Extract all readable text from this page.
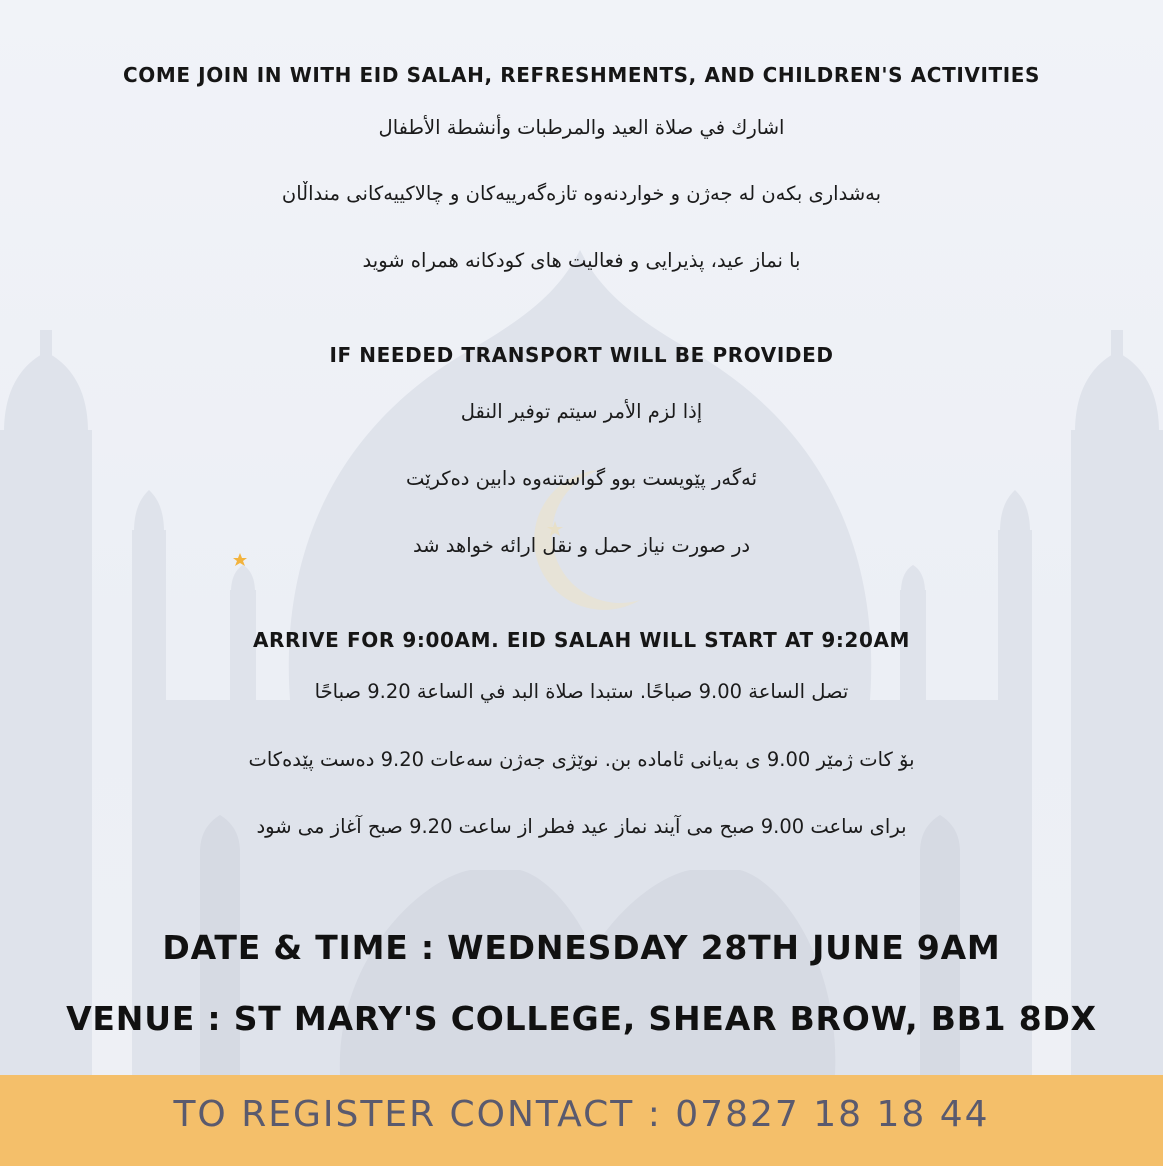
COME JOIN IN WITH EID SALAH, REFRESHMENTS, AND CHILDREN'S ACTIVITIES
اشارك في صلاة العيد والمرطبات وأنشطة الأطفال
بەشداری بکەن لە جەژن و خواردنەوە تازەگەرییەکان و چالاکییەکانی منداڵان
با نماز عید، پذیرایی و فعالیت های کودکانه همراه شوید
IF NEEDED TRANSPORT WILL BE PROVIDED
إذا لزم الأمر سيتم توفير النقل
ئەگەر پێویست بوو گواستنەوە دابین دەکرێت
در صورت نیاز حمل و نقل ارائه خواهد شد
ARRIVE FOR 9:00AM. EID SALAH WILL START AT 9:20AM
تصل الساعة 9.00 صباحًا. ستبدا صلاة البد في الساعة 9.20 صباحًا
بۆ کات ژمێر 9.00 ی بەیانی ئامادە بن. نوێژی جەژن سەعات 9.20 دەست پێدەکات
برای ساعت 9.00 صبح می آیند نماز عید فطر از ساعت 9.20 صبح آغاز می شود
DATE & TIME : WEDNESDAY 28TH JUNE 9AM
VENUE : ST MARY'S COLLEGE, SHEAR BROW, BB1 8DX
TO REGISTER CONTACT : 07827 18 18 44
